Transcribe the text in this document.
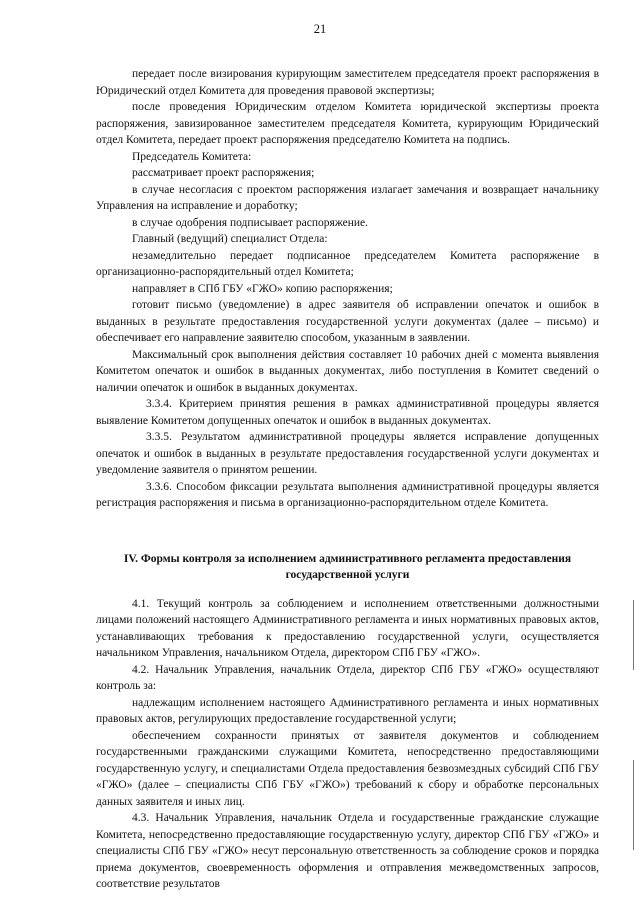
21

передает после визирования курирующим заместителем председателя проект распоряжения в Юридический отдел Комитета для проведения правовой экспертизы;

после проведения Юридическим отделом Комитета юридической экспертизы проекта распоряжения, завизированное заместителем председателя Комитета, курирующим Юридический отдел Комитета, передает проект распоряжения председателю Комитета на подпись.

Председатель Комитета:

рассматривает проект распоряжения;

в случае несогласия с проектом распоряжения излагает замечания и возвращает начальнику Управления на исправление и доработку;

в случае одобрения подписывает распоряжение.

Главный (ведущий) специалист Отдела:

незамедлительно передает подписанное председателем Комитета распоряжение в организационно-распорядительный отдел Комитета;

направляет в СПб ГБУ «ГЖО» копию распоряжения;

готовит письмо (уведомление) в адрес заявителя об исправлении опечаток и ошибок в выданных в результате предоставления государственной услуги документах (далее – письмо) и обеспечивает его направление заявителю способом, указанным в заявлении.

Максимальный срок выполнения действия составляет 10 рабочих дней с момента выявления Комитетом опечаток и ошибок в выданных документах, либо поступления в Комитет сведений о наличии опечаток и ошибок в выданных документах.

3.3.4. Критерием принятия решения в рамках административной процедуры является выявление Комитетом допущенных опечаток и ошибок в выданных документах.

3.3.5. Результатом административной процедуры является исправление допущенных опечаток и ошибок в выданных в результате предоставления государственной услуги документах и уведомление заявителя о принятом решении.

3.3.6. Способом фиксации результата выполнения административной процедуры является регистрация распоряжения и письма в организационно-распорядительном отделе Комитета.

IV. Формы контроля за исполнением административного регламента предоставления государственной услуги

4.1. Текущий контроль за соблюдением и исполнением ответственными должностными лицами положений настоящего Административного регламента и иных нормативных правовых актов, устанавливающих требования к предоставлению государственной услуги, осуществляется начальником Управления, начальником Отдела, директором СПб ГБУ «ГЖО».

4.2. Начальник Управления, начальник Отдела, директор СПб ГБУ «ГЖО» осуществляют контроль за:

надлежащим исполнением настоящего Административного регламента и иных нормативных правовых актов, регулирующих предоставление государственной услуги;

обеспечением сохранности принятых от заявителя документов и соблюдением государственными гражданскими служащими Комитета, непосредственно предоставляющими государственную услугу, и специалистами Отдела предоставления безвозмездных субсидий СПб ГБУ «ГЖО» (далее – специалисты СПб ГБУ «ГЖО») требований к сбору и обработке персональных данных заявителя и иных лиц.

4.3. Начальник Управления, начальник Отдела и государственные гражданские служащие Комитета, непосредственно предоставляющие государственную услугу, директор СПб ГБУ «ГЖО» и специалисты СПб ГБУ «ГЖО» несут персональную ответственность за соблюдение сроков и порядка приема документов, своевременность оформления и отправления межведомственных запросов, соответствие результатов
